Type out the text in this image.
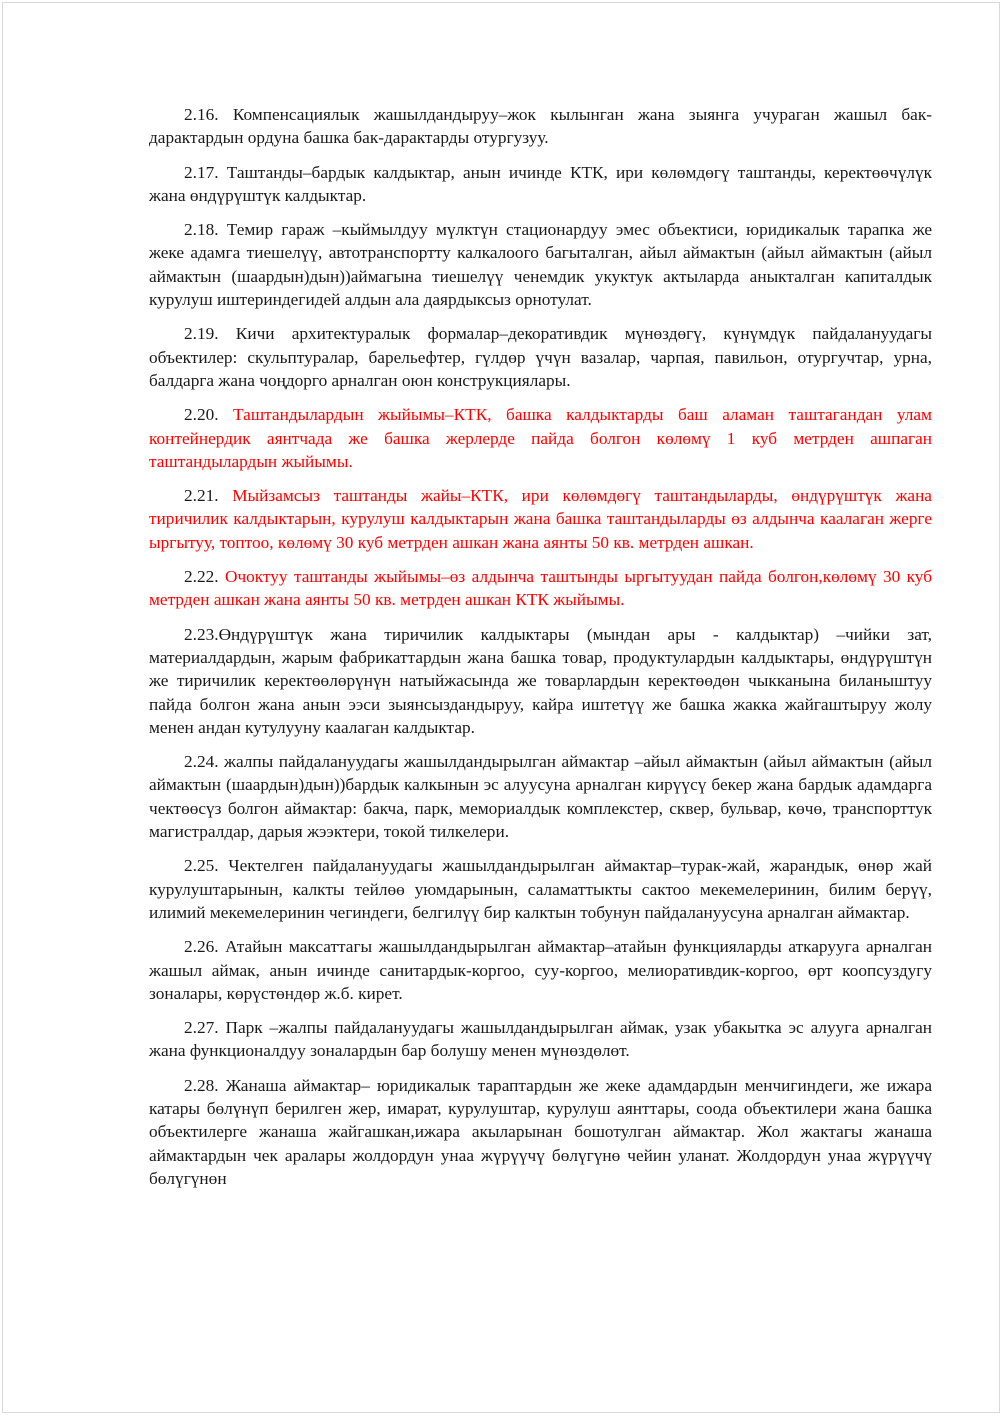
2.16. Компенсациялык жашылдандыруу–жок кылынган жана зыянга учураган жашыл бак-дарактардын ордуна башка бак-дарактарды отургузуу.

2.17. Таштанды–бардык калдыктар, анын ичинде КТК, ири көлөмдөгү таштанды, керектөөчүлүк жана өндүрүштүк калдыктар.

2.18. Темир гараж –кыймылдуу мүлктүн стационардуу эмес объектиси, юридикалык тарапка же жеке адамга тиешелүү, автотранспортту калкалоого багыталган, айыл аймактын (айыл аймактын (айыл аймактын (шаардын)дын))аймагына тиешелүү ченемдик укуктук актыларда аныкталган капиталдык курулуш иштериндегидей алдын ала даярдыксыз орнотулат.

2.19. Кичи архитектуралык формалар–декоративдик мүнөздөгү, күнүмдүк пайдалануудагы объектилер: скульптуралар, барельефтер, гүлдөр үчүн вазалар, чарпая, павильон, отургучтар, урна, балдарга жана чоңдорго арналган оюн конструкциялары.

2.20. Таштандылардын жыйымы–КТК, башка калдыктарды баш аламан таштагандан улам контейнердик аянтчада же башка жерлерде пайда болгон көлөмү 1 куб метрден ашпаган таштандылардын жыйымы.

2.21. Мыйзамсыз таштанды жайы–КТК, ири көлөмдөгү таштандыларды, өндүрүштүк жана тиричилик калдыктарын, курулуш калдыктарын жана башка таштандыларды өз алдынча каалаган жерге ыргытуу, топтоо, көлөмү 30 куб метрден ашкан жана аянты 50 кв. метрден ашкан.

2.22. Очоктуу таштанды жыйымы–өз алдынча таштынды ыргытуудан пайда болгон,көлөмү 30 куб метрден ашкан жана аянты 50 кв. метрден ашкан КТК жыйымы.

2.23.Өндүрүштүк жана тиричилик калдыктары (мындан ары - калдыктар) –чийки зат, материалдардын, жарым фабрикаттардын жана башка товар, продуктулардын калдыктары, өндүрүштүн же тиричилик керектөөлөрүнүн натыйжасында же товарлардын керектөөдөн чыкканына биланыштуу пайда болгон жана анын ээси зыянсыздандыруу, кайра иштетүү же башка жакка жайгаштыруу жолу менен андан кутулууну каалаган калдыктар.

2.24. жалпы пайдалануудагы жашылдандырылган аймактар –айыл аймактын (айыл аймактын (айыл аймактын (шаардын)дын))бардык калкынын эс алуусуна арналган кирүүсү бекер жана бардык адамдарга чектөөсүз болгон аймактар: бакча, парк, мемориалдык комплекстер, сквер, бульвар, көчө, транспорттук магистралдар, дарыя жээктери, токой тилкелери.

2.25. Чектелген пайдалануудагы жашылдандырылган аймактар–турак-жай, жарандык, өнөр жай курулуштарынын, калкты тейлөө уюмдарынын, саламаттыкты сактоо мекемелеринин, билим берүү, илимий мекемелеринин чегиндеги, белгилүү бир калктын тобунун пайдалануусуна арналган аймактар.

2.26. Атайын максаттагы жашылдандырылган аймактар–атайын функцияларды аткарууга арналган жашыл аймак, анын ичинде санитардык-коргоо, суу-коргоо, мелиоративдик-коргоо, өрт коопсуздугу зоналары, көрүстөндөр ж.б. кирет.

2.27. Парк –жалпы пайдалануудагы жашылдандырылган аймак, узак убакытка эс алууга арналган жана функционалдуу зоналардын бар болушу менен мүнөздөлөт.

2.28. Жанаша аймактар– юридикалык тараптардын же жеке адамдардын менчигиндеги, же ижара катары бөлүнүп берилген жер, имарат, курулуштар, курулуш аянттары, соода объектилери жана башка объектилерге жанаша жайгашкан,ижара акыларынан бошотулган аймактар. Жол жактагы жанаша аймактардын чек аралары жолдордун унаа жүрүүчү бөлүгүнө чейин уланат. Жолдордун унаа жүрүүчү бөлүгүнөн
